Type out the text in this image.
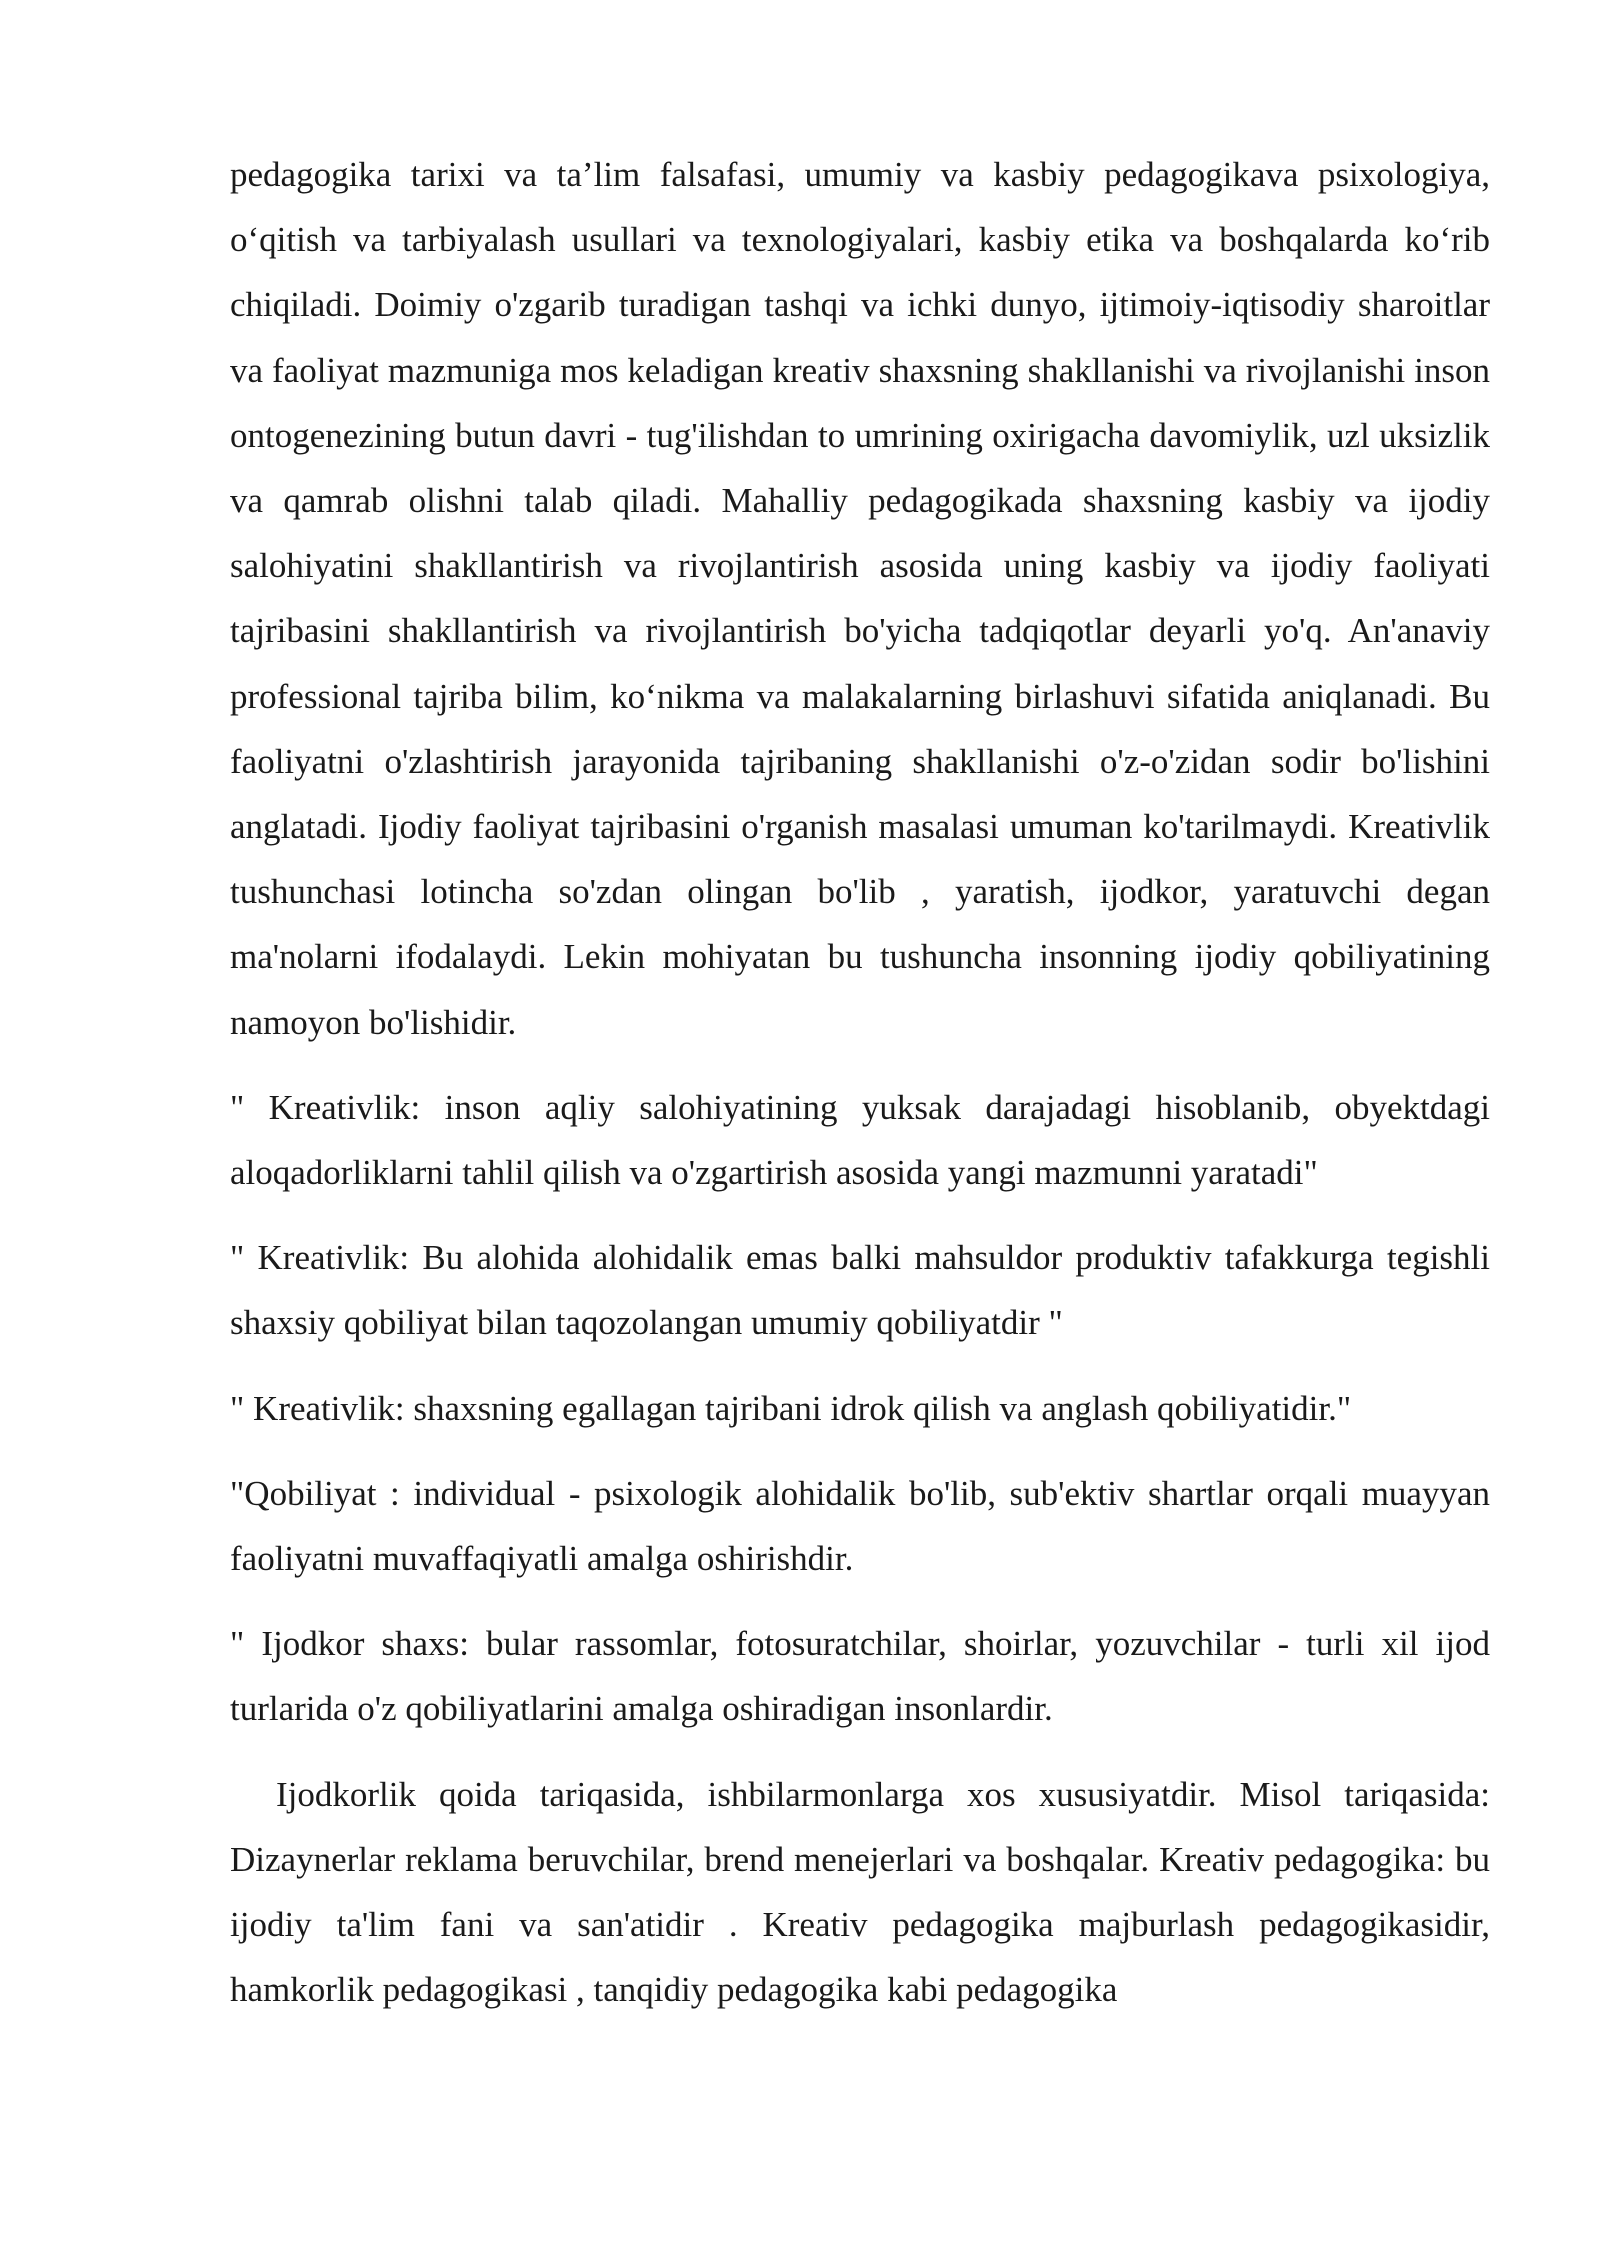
pedagogika tarixi va ta’lim falsafasi, umumiy va kasbiy pedagogikava psixologiya, o‘qitish va tarbiyalash usullari va texnologiyalari, kasbiy etika va boshqalarda ko‘rib chiqiladi. Doimiy o'zgarib turadigan tashqi va ichki dunyo, ijtimoiy-iqtisodiy sharoitlar va faoliyat mazmuniga mos keladigan kreativ shaxsning shakllanishi va rivojlanishi inson ontogenezining butun davri - tug'ilishdan to umrining oxirigacha davomiylik, uzl uksizlik va qamrab olishni talab qiladi. Mahalliy pedagogikada shaxsning kasbiy va ijodiy salohiyatini shakllantirish va rivojlantirish asosida uning kasbiy va ijodiy faoliyati tajribasini shakllantirish va rivojlantirish bo'yicha tadqiqotlar deyarli yo'q. An'anaviy professional tajriba bilim, ko‘nikma va malakalarning birlashuvi sifatida aniqlanadi. Bu faoliyatni o'zlashtirish jarayonida tajribaning shakllanishi o'z-o'zidan sodir bo'lishini anglatadi. Ijodiy faoliyat tajribasini o'rganish masalasi umuman ko'tarilmaydi. Kreativlik tushunchasi lotincha so'zdan olingan bo'lib , yaratish, ijodkor, yaratuvchi degan ma'nolarni ifodalaydi. Lekin mohiyatan bu tushuncha insonning ijodiy qobiliyatining namoyon bo'lishidir.

" Kreativlik: inson aqliy salohiyatining yuksak darajadagi hisoblanib, obyektdagi aloqadorliklarni tahlil qilish va o'zgartirish asosida yangi mazmunni yaratadi"

" Kreativlik: Bu alohida alohidalik emas balki mahsuldor produktiv tafakkurga tegishli shaxsiy qobiliyat bilan taqozolangan umumiy qobiliyatdir "

" Kreativlik: shaxsning egallagan tajribani idrok qilish va anglash qobiliyatidir."

"Qobiliyat : individual - psixologik alohidalik bo'lib, sub'ektiv shartlar orqali muayyan faoliyatni muvaffaqiyatli amalga oshirishdir.

" Ijodkor shaxs: bular rassomlar, fotosuratchilar, shoirlar, yozuvchilar - turli xil ijod turlarida o'z qobiliyatlarini amalga oshiradigan insonlardir.

Ijodkorlik qoida tariqasida, ishbilarmonlarga xos xususiyatdir. Misol tariqasida: Dizaynerlar reklama beruvchilar, brend menejerlari va boshqalar. Kreativ pedagogika: bu ijodiy ta'lim fani va san'atidir . Kreativ pedagogika majburlash pedagogikasidir, hamkorlik pedagogikasi , tanqidiy pedagogika kabi pedagogika
